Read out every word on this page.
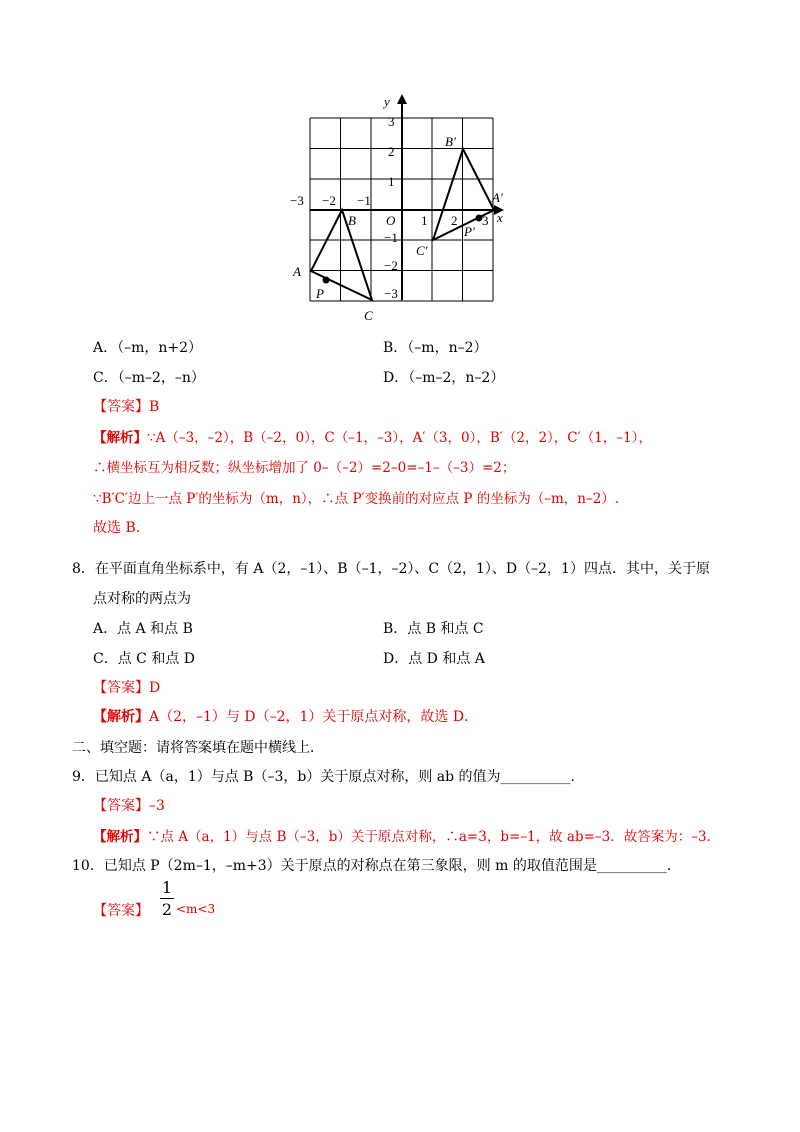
x
y
O
−3 −2 −1
1 2 3
3
2
1
−1
−2
−3
A
B
C
P
A′
B′
C′
P′
A．（–m，n+2）	B．（–m，n–2）
C．（–m–2，–n）	D．（–m–2，n–2）
【答案】B
【解析】∵A（–3，–2），B（–2，0），C（–1，–3），A′（3，0），B′（2，2），C′（1，–1），
∴横坐标互为相反数；纵坐标增加了 0–（–2）=2–0=–1–（–3）=2；
∵B′C′边上一点 P′的坐标为（m，n），∴点 P′变换前的对应点 P 的坐标为（–m，n–2）.
故选 B．
8．在平面直角坐标系中，有 A（2，–1）、B（–1，–2）、C（2，1）、D（–2，1）四点．其中，关于原
点对称的两点为
A．点 A 和点 B	B．点 B 和点 C
C．点 C 和点 D	D．点 D 和点 A
【答案】D
【解析】A（2，–1）与 D（–2，1）关于原点对称，故选 D．
二、填空题：请将答案填在题中横线上．
9．已知点 A（a，1）与点 B（–3，b）关于原点对称，则 ab 的值为__________．
【答案】–3
【解析】∵点 A（a，1）与点 B（–3，b）关于原点对称，∴a=3，b=–1，故 ab=–3．故答案为：–3．
10．已知点 P（2m–1，–m+3）关于原点的对称点在第三象限，则 m 的取值范围是__________．
【答案】
1
2 <m<3
